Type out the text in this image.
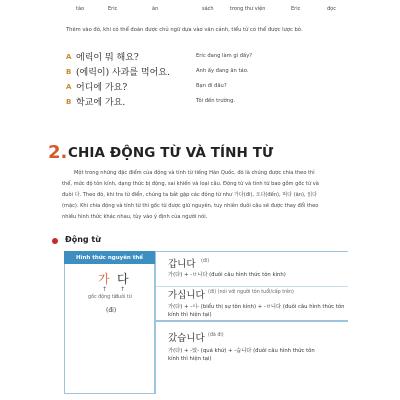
tào	Eric	ăn	sách	trong thư viện	Eric	đọc
Thêm vào đó, khi có thể đoán được chủ ngữ dựa vào văn cảnh, tiểu từ có thể được lược bỏ.
A 에릭이 뭐 해요?	Eric đang làm gì đấy?
B (에릭이) 사과를 먹어요.	Anh ấy đang ăn táo.
A 어디에 가요?	Bạn đi đâu?
B 학교에 가요.	Tôi đến trường.
2. CHIA ĐỘNG TỪ VÀ TÍNH TỪ
Một trong những đặc điểm của động và tính từ tiếng Hàn Quốc, đó là chúng được chia theo thì
thể, mức độ tôn kính, dạng thức bị động, sai khiến và loại câu. Động từ và tính từ bao gồm gốc từ và
đuôi 다. Theo đó, khi tra từ điển, chúng ta bắt gặp các động từ như 가다(đi), 오다(đến), 먹다 (ăn), 읽다
(mặc). Khi chia động và tính từ thì gốc từ được giữ nguyên, tuy nhiên đuôi câu sẽ được thay đổi theo
nhiều hình thức khác nhau, tùy vào ý định của người nói.
Động từ
Hình thức nguyên thể
가 다
↑ ↑
gốc động từ
đuôi từ
(đi)
갑니다 (đi)
가(다) + -ㅂ니다 (đuôi câu hình thức tôn kính)
가십니다 (đi) (nói với người tôn tuổi/cấp trên)
가(다) + -시- (biểu thị sự tôn kính) + -ㅂ니다 (đuôi câu hình thức tôn
kính thì hiện tại)
갔습니다 (đã đi)
가(다) + -았- (quá khứ) + -습니다 (đuôi câu hình thức tôn
kính thì hiện tại)
